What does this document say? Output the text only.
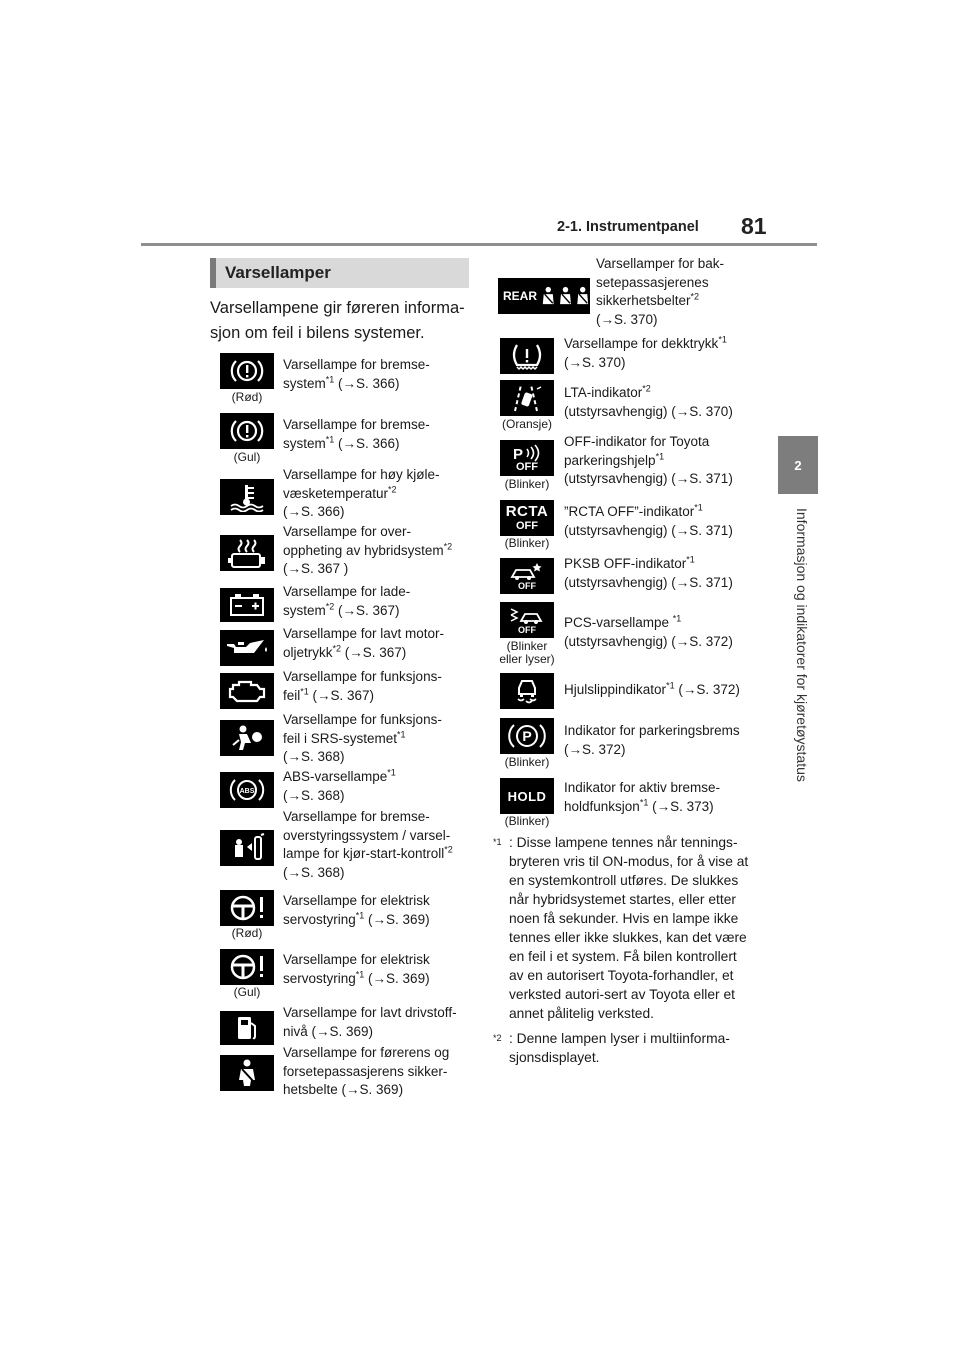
2-1. Instrumentpanel 81
2
Informasjon og indikatorer for kjøretøystatus
Varsellamper
Varsellampene gir føreren informa-sjon om feil i bilens systemer.
(Rød)
Varsellampe for bremse-
system$^{*1}$ (→S. 366)
(Gul)
Varsellampe for bremse-
system$^{*1}$ (→S. 366)
Varsellampe for høy kjøle-
væsketemperatur$^{*2}$
(→S. 366)
Varsellampe for over-
oppheting av hybridsystem$^{*2}$
(→S. 367 )
Varsellampe for lade-
system$^{*2}$ (→S. 367)
Varsellampe for lavt motor-
oljetrykk$^{*2}$ (→S. 367)
Varsellampe for funksjons-
feil$^{*1}$ (→S. 367)
Varsellampe for funksjons-
feil i SRS-systemet$^{*1}$
(→S. 368)
ABS
ABS-varsellampe$^{*1}$
(→S. 368)
Varsellampe for bremse-
overstyringssystem / varsel-
lampe for kjør-start-kontroll$^{*2}$
(→S. 368)
(Rød)
Varsellampe for elektrisk
servostyring$^{*1}$ (→S. 369)
(Gul)
Varsellampe for elektrisk
servostyring$^{*1}$ (→S. 369)
Varsellampe for lavt drivstoff-
nivå (→S. 369)
Varsellampe for førerens og
forsetepassasjerens sikker-
hetsbelte (→S. 369)
REAR
Varsellamper for bak-
setepassasjerenes
sikkerhetsbelter$^{*2}$
(→S. 370)
Varsellampe for dekktrykk$^{*1}$
(→S. 370)
(Oransje)
LTA-indikator$^{*2}$
(utstyrsavhengig) (→S. 370)
P
OFF
(Blinker)
OFF-indikator for Toyota
parkeringshjelp$^{*1}$
(utstyrsavhengig) (→S. 371)
RCTA
OFF
(Blinker)
”RCTA OFF”-indikator$^{*1}$
(utstyrsavhengig) (→S. 371)
OFF
PKSB OFF-indikator$^{*1}$
(utstyrsavhengig) (→S. 371)
OFF
(Blinker eller lyser)
PCS-varsellampe $^{*1}$
(utstyrsavhengig) (→S. 372)
Hjulslippindikator$^{*1}$ (→S. 372)
P
(Blinker)
Indikator for parkeringsbrems
(→S. 372)
HOLD
(Blinker)
Indikator for aktiv bremse-
holdfunksjon$^{*1}$ (→S. 373)
*1 : Disse lampene tennes når tennings-bryteren vris til ON-modus, for å vise at en systemkontroll utføres. De slukkes når hybridsystemet startes, eller etter noen få sekunder. Hvis en lampe ikke tennes eller ikke slukkes, kan det være en feil i et system. Få bilen kontrollert av en autorisert Toyota-forhandler, et verksted autori-sert av Toyota eller et annet pålitelig verksted.
*2 : Denne lampen lyser i multiinforma-sjonsdisplayet.
